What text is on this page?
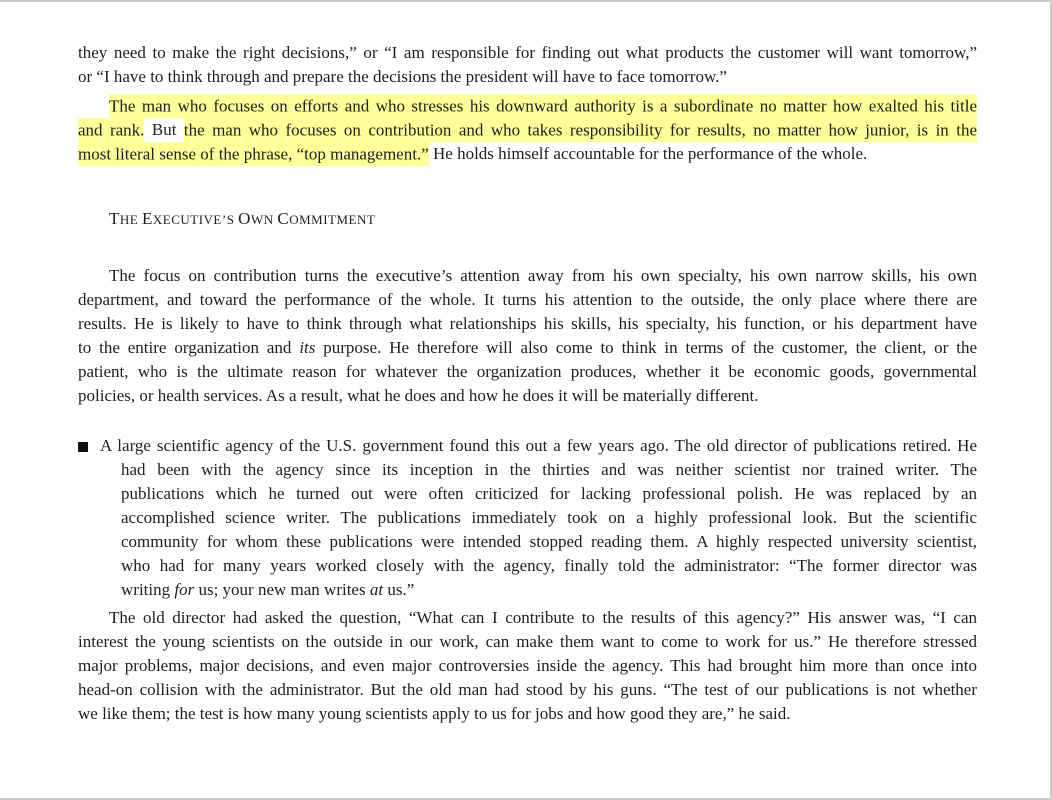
they need to make the right decisions,” or “I am responsible for finding out what products the customer will want tomorrow,”
or “I have to think through and prepare the decisions the president will have to face tomorrow.”
The man who focuses on efforts and who stresses his downward authority is a subordinate no matter how exalted his title
and rank. But the man who focuses on contribution and who takes responsibility for results, no matter how junior, is in the
most literal sense of the phrase, “top management.” He holds himself accountable for the performance of the whole.
THE EXECUTIVE’S OWN COMMITMENT
The focus on contribution turns the executive’s attention away from his own specialty, his own narrow skills, his own
department, and toward the performance of the whole. It turns his attention to the outside, the only place where there are
results. He is likely to have to think through what relationships his skills, his specialty, his function, or his department have
to the entire organization and its purpose. He therefore will also come to think in terms of the customer, the client, or the
patient, who is the ultimate reason for whatever the organization produces, whether it be economic goods, governmental
policies, or health services. As a result, what he does and how he does it will be materially different.
A large scientific agency of the U.S. government found this out a few years ago. The old director of publications retired. He
had been with the agency since its inception in the thirties and was neither scientist nor trained writer. The
publications which he turned out were often criticized for lacking professional polish. He was replaced by an
accomplished science writer. The publications immediately took on a highly professional look. But the scientific
community for whom these publications were intended stopped reading them. A highly respected university scientist,
who had for many years worked closely with the agency, finally told the administrator: “The former director was
writing for us; your new man writes at us.”
The old director had asked the question, “What can I contribute to the results of this agency?” His answer was, “I can
interest the young scientists on the outside in our work, can make them want to come to work for us.” He therefore stressed
major problems, major decisions, and even major controversies inside the agency. This had brought him more than once into
head-on collision with the administrator. But the old man had stood by his guns. “The test of our publications is not whether
we like them; the test is how many young scientists apply to us for jobs and how good they are,” he said.
